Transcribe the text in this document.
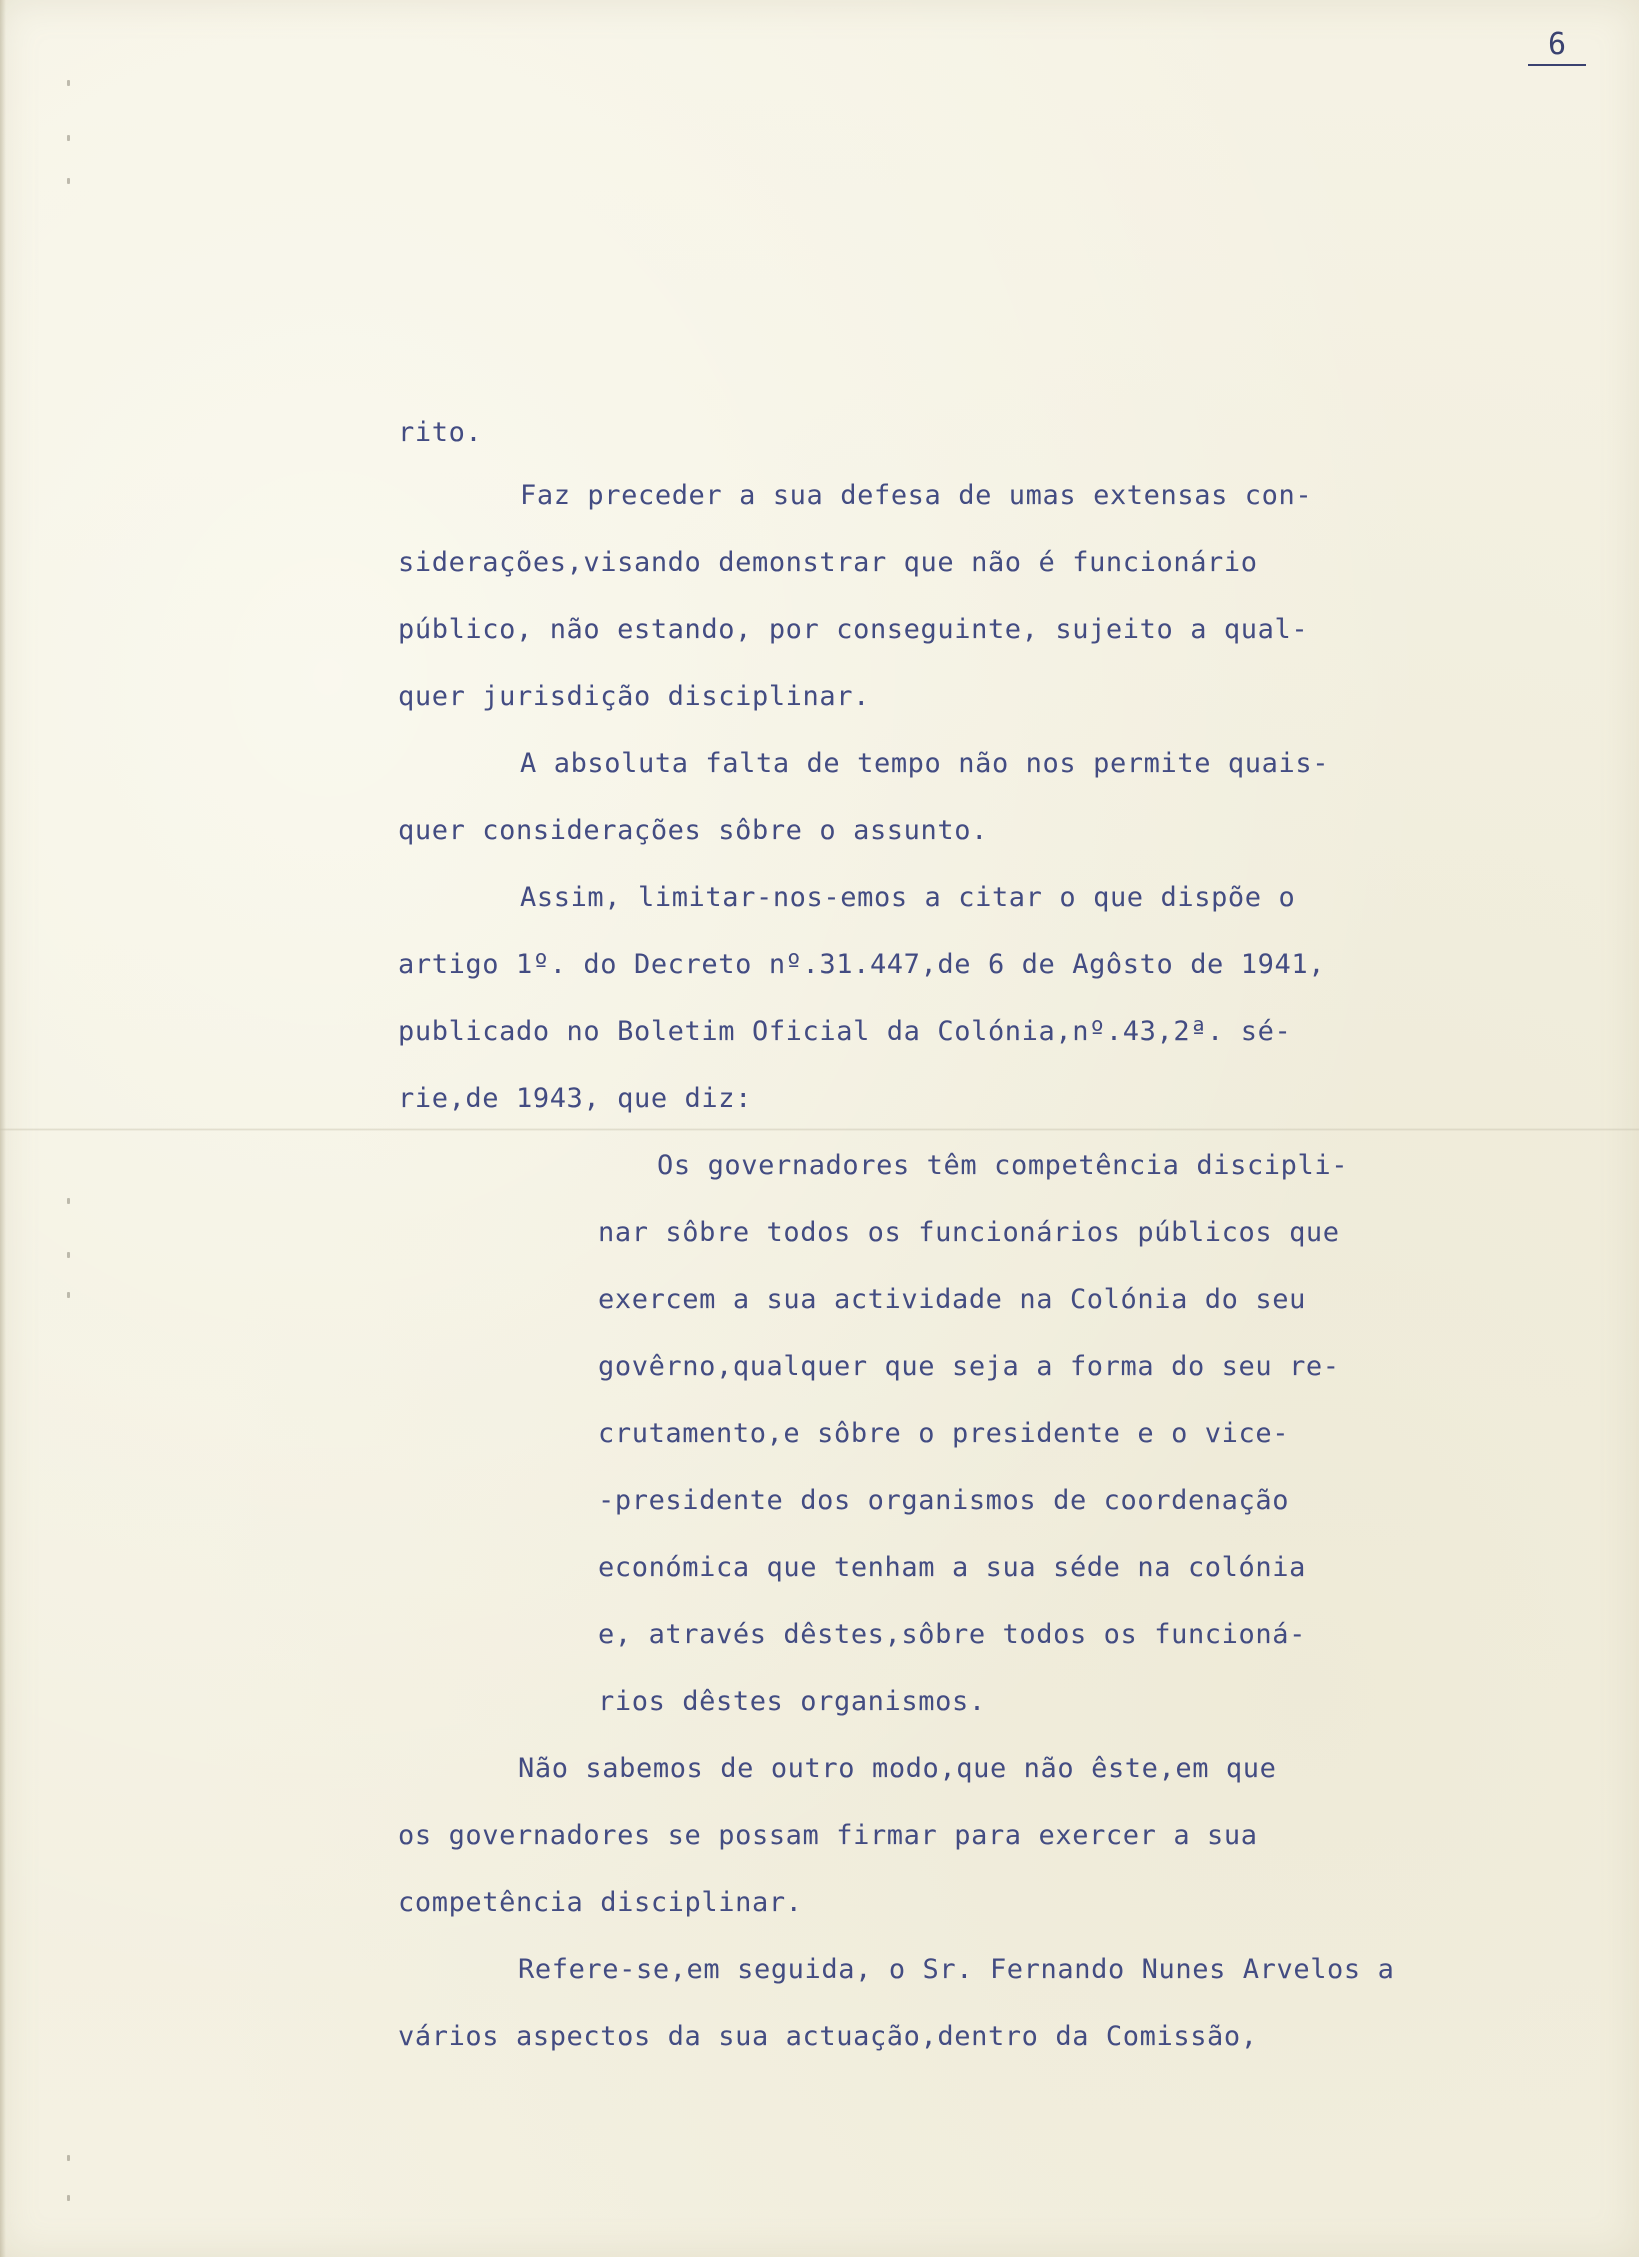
6
rito.
Faz preceder a sua defesa de umas extensas con-
siderações,visando demonstrar que não é funcionário
público, não estando, por conseguinte, sujeito a qual-
quer jurisdição disciplinar.
A absoluta falta de tempo não nos permite quais-
quer considerações sôbre o assunto.
Assim, limitar-nos-emos a citar o que dispõe o
artigo 1º. do Decreto nº.31.447,de 6 de Agôsto de 1941,
publicado no Boletim Oficial da Colónia,nº.43,2ª. sé-
rie,de 1943, que diz:
Os governadores têm competência discipli-
nar sôbre todos os funcionários públicos que
exercem a sua actividade na Colónia do seu
govêrno,qualquer que seja a forma do seu re-
crutamento,e sôbre o presidente e o vice-
-presidente dos organismos de coordenação
económica que tenham a sua séde na colónia
e, através dêstes,sôbre todos os funcioná-
rios dêstes organismos.
Não sabemos de outro modo,que não êste,em que
os governadores se possam firmar para exercer a sua
competência disciplinar.
Refere-se,em seguida, o Sr. Fernando Nunes Arvelos a
vários aspectos da sua actuação,dentro da Comissão,
